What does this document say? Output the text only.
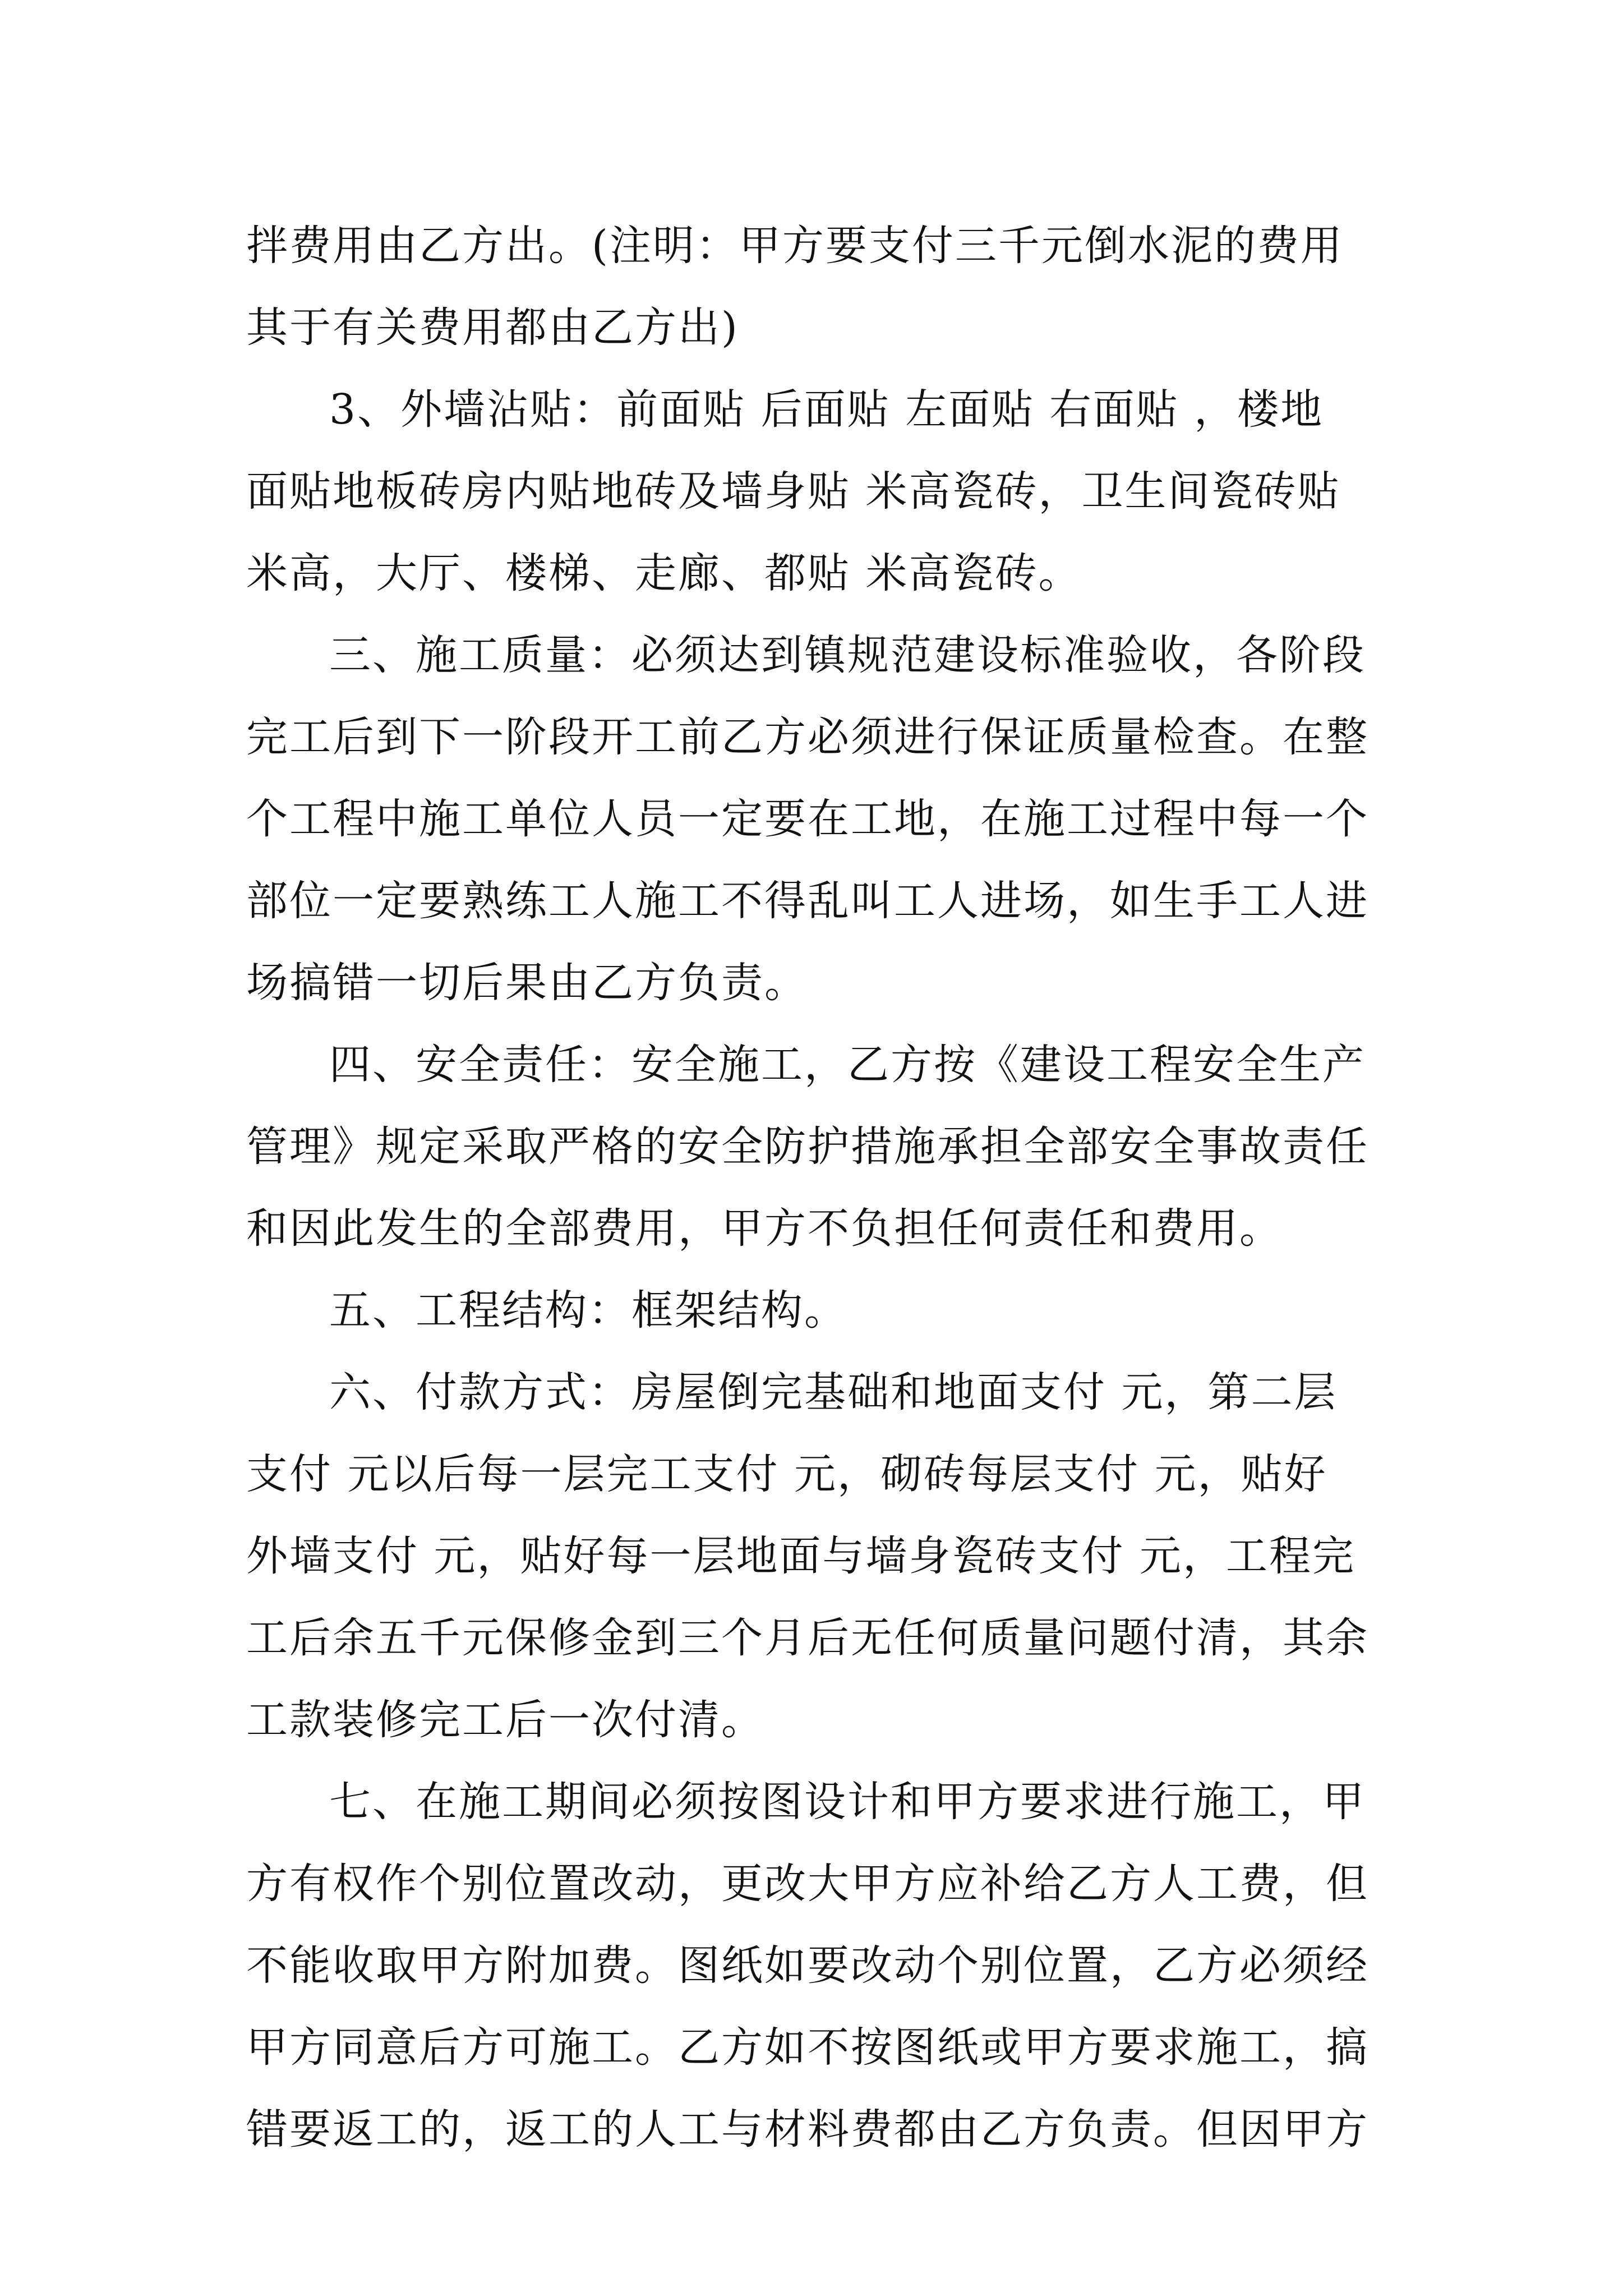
拌费用由乙方出。(注明：甲方要支付三千元倒水泥的费用
其于有关费用都由乙方出)
3、外墙沾贴：前面贴 后面贴 左面贴 右面贴 ，楼地
面贴地板砖房内贴地砖及墙身贴 米高瓷砖，卫生间瓷砖贴
米高，大厅、楼梯、走廊、都贴 米高瓷砖。
三、施工质量：必须达到镇规范建设标准验收，各阶段
完工后到下一阶段开工前乙方必须进行保证质量检查。在整
个工程中施工单位人员一定要在工地，在施工过程中每一个
部位一定要熟练工人施工不得乱叫工人进场，如生手工人进
场搞错一切后果由乙方负责。
四、安全责任：安全施工，乙方按《建设工程安全生产
管理》规定采取严格的安全防护措施承担全部安全事故责任
和因此发生的全部费用，甲方不负担任何责任和费用。
五、工程结构：框架结构。
六、付款方式：房屋倒完基础和地面支付 元，第二层
支付 元以后每一层完工支付 元，砌砖每层支付 元，贴好
外墙支付 元，贴好每一层地面与墙身瓷砖支付 元，工程完
工后余五千元保修金到三个月后无任何质量问题付清，其余
工款装修完工后一次付清。
七、在施工期间必须按图设计和甲方要求进行施工，甲
方有权作个别位置改动，更改大甲方应补给乙方人工费，但
不能收取甲方附加费。图纸如要改动个别位置，乙方必须经
甲方同意后方可施工。乙方如不按图纸或甲方要求施工，搞
错要返工的，返工的人工与材料费都由乙方负责。但因甲方
